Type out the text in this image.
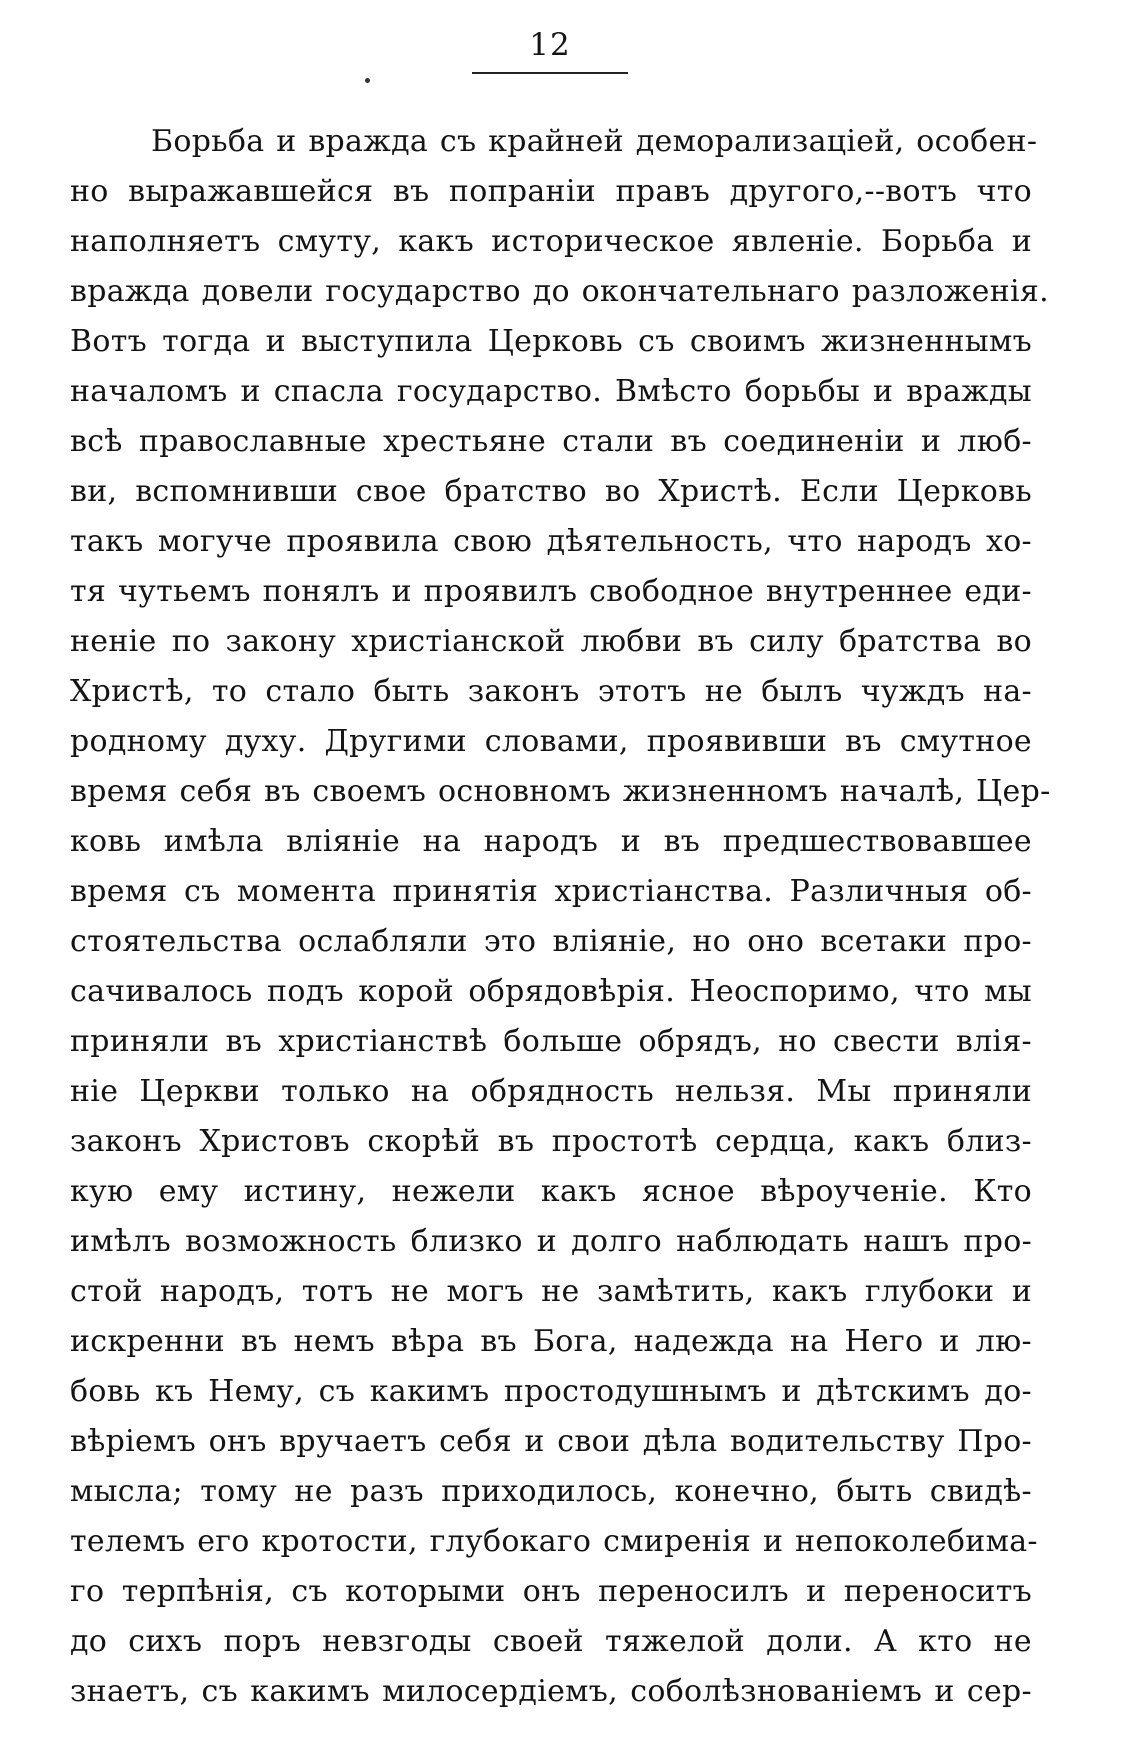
12
Борьба и вражда съ крайней деморализаціей, особен-
но выражавшейся въ попраніи правъ другого,--вотъ что
наполняетъ смуту, какъ историческое явленіе. Борьба и
вражда довели государство до окончательнаго разложенія.
Вотъ тогда и выступила Церковь съ своимъ жизненнымъ
началомъ и спасла государство. Вмѣсто борьбы и вражды
всѣ православные хрестьяне стали въ соединеніи и люб-
ви, вспомнивши свое братство во Христѣ. Если Церковь
такъ могуче проявила свою дѣятельность, что народъ хо-
тя чутьемъ понялъ и проявилъ свободное внутреннее еди-
неніе по закону христіанской любви въ силу братства во
Христѣ, то стало быть законъ этотъ не былъ чуждъ на-
родному духу. Другими словами, проявивши въ смутное
время себя въ своемъ основномъ жизненномъ началѣ, Цер-
ковь имѣла вліяніе на народъ и въ предшествовавшее
время съ момента принятія христіанства. Различныя об-
стоятельства ослабляли это вліяніе, но оно всетаки про-
сачивалось подъ корой обрядовѣрія. Неоспоримо, что мы
приняли въ христіанствѣ больше обрядъ, но свести влія-
ніе Церкви только на обрядность нельзя. Мы приняли
законъ Христовъ скорѣй въ простотѣ сердца, какъ близ-
кую ему истину, нежели какъ ясное вѣроученіе. Кто
имѣлъ возможность близко и долго наблюдать нашъ про-
стой народъ, тотъ не могъ не замѣтить, какъ глубоки и
искренни въ немъ вѣра въ Бога, надежда на Него и лю-
бовь къ Нему, съ какимъ простодушнымъ и дѣтскимъ до-
вѣріемъ онъ вручаетъ себя и свои дѣла водительству Про-
мысла; тому не разъ приходилось, конечно, быть свидѣ-
телемъ его кротости, глубокаго смиренія и непоколебима-
го терпѣнія, съ которыми онъ переносилъ и переноситъ
до сихъ поръ невзгоды своей тяжелой доли. А кто не
знаетъ, съ какимъ милосердіемъ, соболѣзнованіемъ и сер-
